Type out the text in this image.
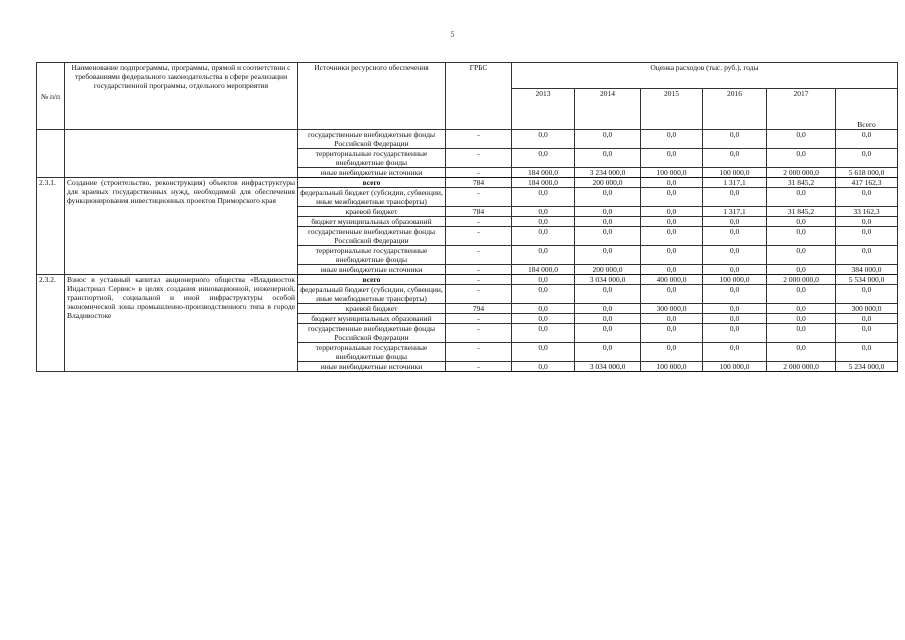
5
№ п/п	Наименование подпрограммы, программы, прямой и соответствии с требованиями федерального законодательства в сфере реализации государственной программы, отдельного мероприятия	Источники ресурсного обеспечения	ГРБС	Оценка расходов (тыс. руб.), годы					
				2013	2014	2015	2016	2017	Всего
		государственные внебюджетные фонды Российской Федерации	-	0,0	0,0	0,0	0,0	0,0	0,0
		территориальные государственные внебюджетные фонды	-	0,0	0,0	0,0	0,0	0,0	0,0
		иные внебюджетные источники	-	184 000,0	3 234 000,0	100 000,0	100 000,0	2 000 000,0	5 618 000,0
2.3.1.	Создание (строительство, реконструкция) объектов инфраструктуры для краевых государственных нужд, необходимой для обеспечения функционирования инвестиционных проектов Приморского края	всего	784	184 000,0	200 000,0	0,0	1 317,1	31 845,2	417 162,3
		федеральный бюджет (субсидии, субвенции, иные межбюджетные трансферты)	-	0,0	0,0	0,0	0,0	0,0	0,0
		краевой бюджет	784	0,0	0,0	0,0	1 317,1	31 845,2	33 162,3
		бюджет муниципальных образований	-	0,0	0,0	0,0	0,0	0,0	0,0
		государственные внебюджетные фонды Российской Федерации	-	0,0	0,0	0,0	0,0	0,0	0,0
		территориальные государственные внебюджетные фонды	-	0,0	0,0	0,0	0,0	0,0	0,0
		иные внебюджетные источники	-	184 000,0	200 000,0	0,0	0,0	0,0	384 000,0
2.3.2.	Взнос в уставный капитал акционерного общества «Владивосток Индастриал Сервис» в целях создания инновационной, инженерной, транспортной, социальной и иной инфраструктуры особой экономической зоны промышленно-производственного типа в городе Владивостоке	всего	-	0,0	3 034 000,0	400 000,0	100 000,0	2 000 000,0	5 534 000,0
		федеральный бюджет (субсидии, субвенции, иные межбюджетные трансферты)	-	0,0	0,0	0,0	0,0	0,0	0,0
		краевой бюджет	794	0,0	0,0	300 000,0	0,0	0,0	300 000,0
		бюджет муниципальных образований	-	0,0	0,0	0,0	0,0	0,0	0,0
		государственные внебюджетные фонды Российской Федерации	-	0,0	0,0	0,0	0,0	0,0	0,0
		территориальные государственные внебюджетные фонды	-	0,0	0,0	0,0	0,0	0,0	0,0
		иные внебюджетные источники	-	0,0	3 034 000,0	100 000,0	100 000,0	2 000 000,0	5 234 000,0
